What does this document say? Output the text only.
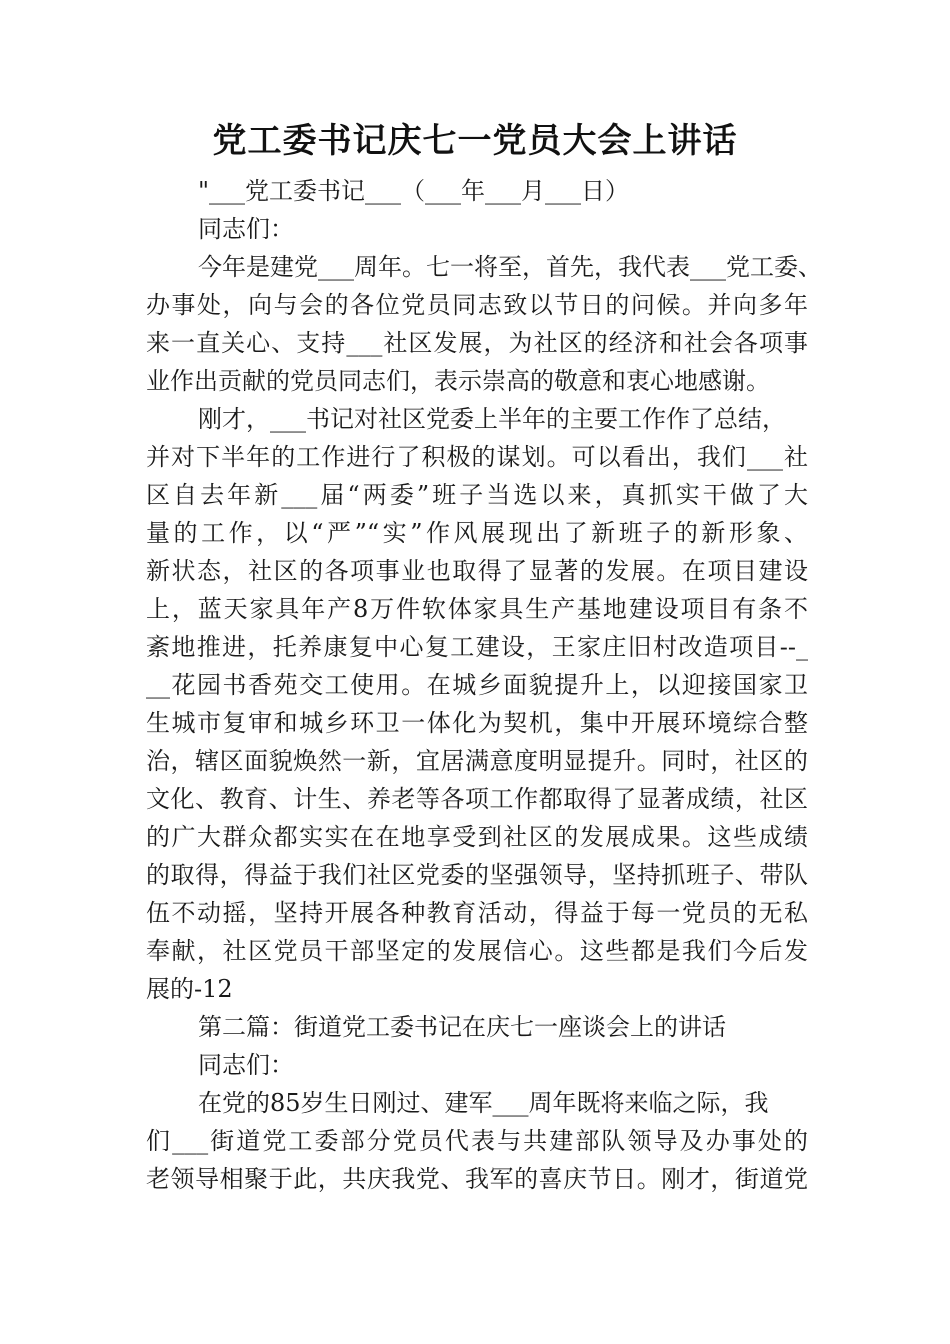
党工委书记庆七一党员大会上讲话
"___党工委书记___（___年___月___日）
同志们：
今年是建党___周年。七一将至，首先，我代表___党工委、
办事处，向与会的各位党员同志致以节日的问候。并向多年
来一直关心、支持___社区发展，为社区的经济和社会各项事
业作出贡献的党员同志们，表示崇高的敬意和衷心地感谢。
刚才，___书记对社区党委上半年的主要工作作了总结，
并对下半年的工作进行了积极的谋划。可以看出，我们___社
区自去年新___届“两委”班子当选以来，真抓实干做了大
量的工作，以“严”“实”作风展现出了新班子的新形象、
新状态，社区的各项事业也取得了显著的发展。在项目建设
上，蓝天家具年产8万件软体家具生产基地建设项目有条不
紊地推进，托养康复中心复工建设，王家庄旧村改造项目--_
__花园书香苑交工使用。在城乡面貌提升上，以迎接国家卫
生城市复审和城乡环卫一体化为契机，集中开展环境综合整
治，辖区面貌焕然一新，宜居满意度明显提升。同时，社区的
文化、教育、计生、养老等各项工作都取得了显著成绩，社区
的广大群众都实实在在地享受到社区的发展成果。这些成绩
的取得，得益于我们社区党委的坚强领导，坚持抓班子、带队
伍不动摇，坚持开展各种教育活动，得益于每一党员的无私
奉献，社区党员干部坚定的发展信心。这些都是我们今后发
展的-12
第二篇：街道党工委书记在庆七一座谈会上的讲话
同志们：
在党的85岁生日刚过、建军___周年既将来临之际，我
们___街道党工委部分党员代表与共建部队领导及办事处的
老领导相聚于此，共庆我党、我军的喜庆节日。刚才，街道党
